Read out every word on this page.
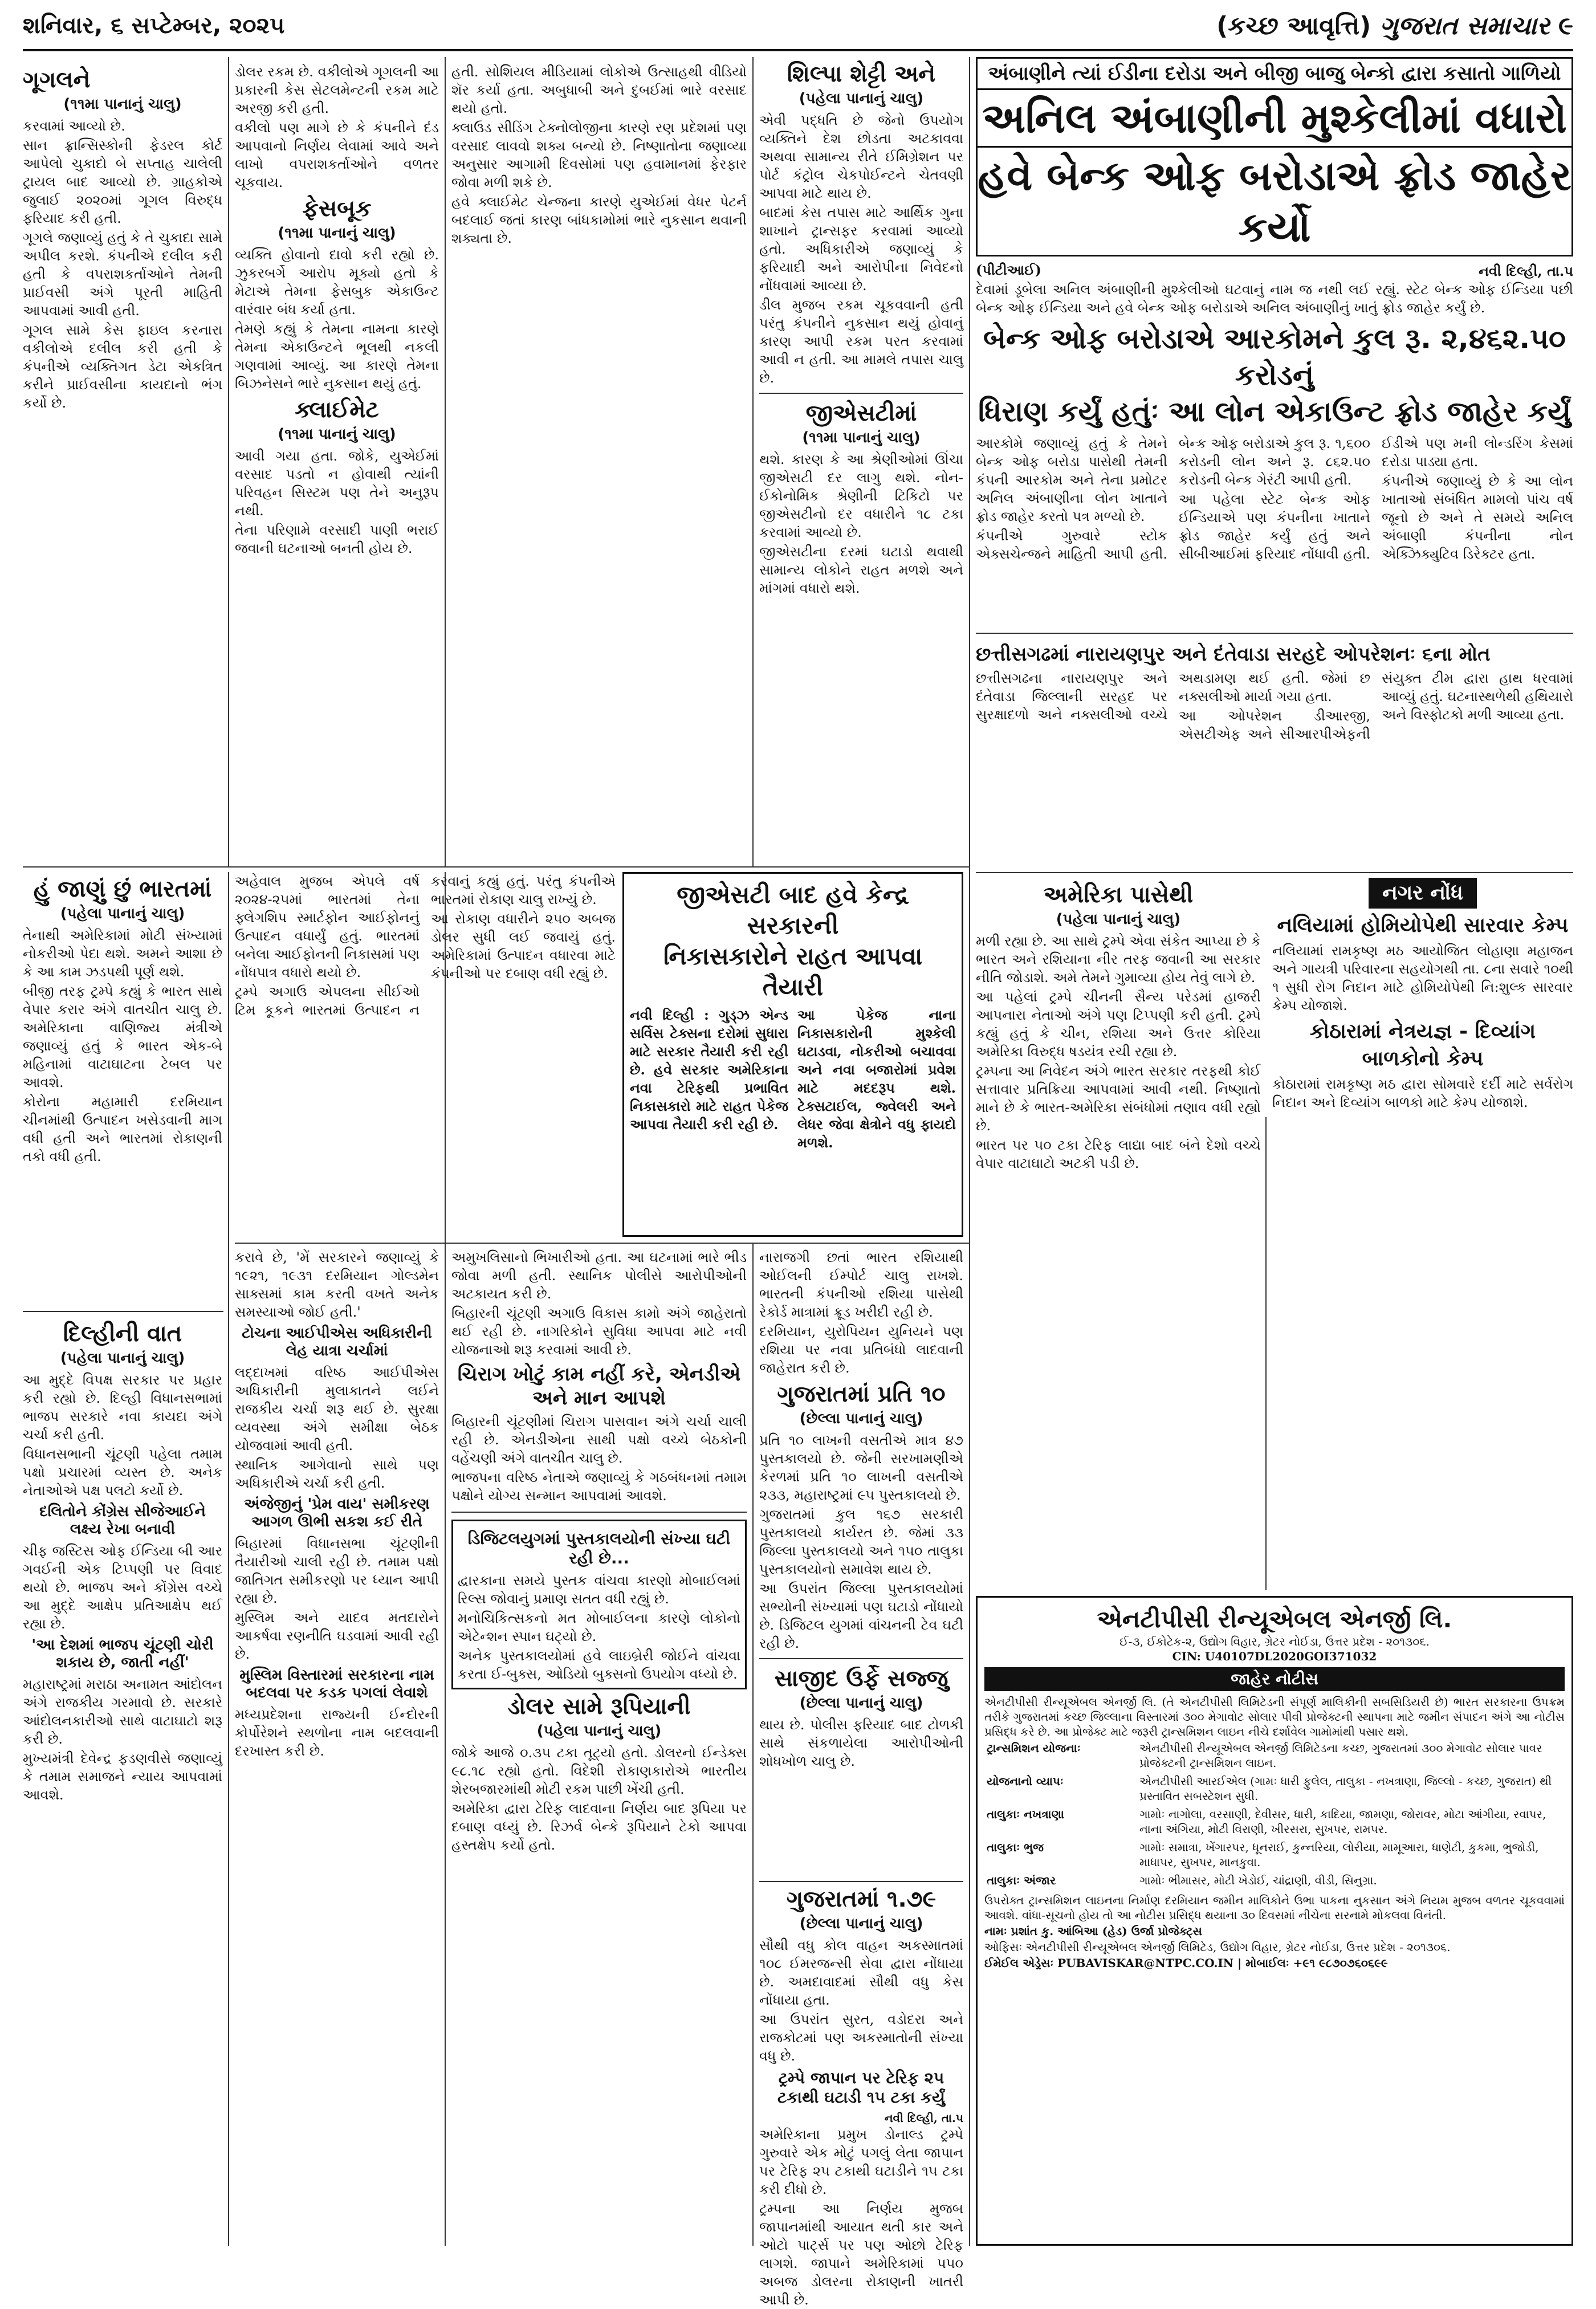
શનિવાર, ૬ સપ્ટેમ્બર, ૨૦૨૫	(કચ્છ આવૃત્તિ) ગુજરાત સમાચાર ૯
ગૂગલને
(૧૧મા પાનાનું ચાલુ)

કરવામાં આવ્યો છે.

સાન ફ્રાન્સિસ્કોની ફેડરલ કોર્ટ આપેલો ચુકાદો બે સપ્તાહ ચાલેલી ટ્રાયલ બાદ આવ્યો છે. ગ્રાહકોએ જુલાઈ ૨૦૨૦માં ગૂગલ વિરુદ્ધ ફરિયાદ કરી હતી.

ગૂગલે જણાવ્યું હતું કે તે ચુકાદા સામે અપીલ કરશે. કંપનીએ દલીલ કરી હતી કે વપરાશકર્તાઓને તેમની પ્રાઈવસી અંગે પૂરતી માહિતી આપવામાં આવી હતી.

ગૂગલ સામે કેસ ફાઇલ કરનારા વકીલોએ દલીલ કરી હતી કે કંપનીએ વ્યક્તિગત ડેટા એકત્રિત કરીને પ્રાઈવસીના કાયદાનો ભંગ કર્યો છે.

ડોલર રકમ છે. વકીલોએ ગૂગલની આ પ્રકારની કેસ સેટલમેન્ટની રકમ માટે અરજી કરી હતી.

વકીલો પણ માગે છે કે કંપનીને દંડ આપવાનો નિર્ણય લેવામાં આવે અને લાખો વપરાશકર્તાઓને વળતર ચૂકવાય.

ફેસબૂક
(૧૧મા પાનાનું ચાલુ)

વ્યક્તિ હોવાનો દાવો કરી રહ્યો છે. ઝુકરબર્ગે આરોપ મૂક્યો હતો કે મેટાએ તેમના ફેસબુક એકાઉન્ટ વારંવાર બંધ કર્યા હતા.

તેમણે કહ્યું કે તેમના નામના કારણે તેમના એકાઉન્ટને ભૂલથી નકલી ગણવામાં આવ્યું. આ કારણે તેમના બિઝનેસને ભારે નુકસાન થયું હતું.

ક્લાઈમેટ
(૧૧મા પાનાનું ચાલુ)

આવી ગયા હતા. જોકે, યુએઈમાં વરસાદ પડતો ન હોવાથી ત્યાંની પરિવહન સિસ્ટમ પણ તેને અનુરૂપ નથી.

તેના પરિણામે વરસાદી પાણી ભરાઈ જવાની ઘટનાઓ બનતી હોય છે.

હતી. સોશિયલ મીડિયામાં લોકોએ ઉત્સાહથી વીડિયો શૅર કર્યા હતા. અબુધાબી અને દુબઈમાં ભારે વરસાદ થયો હતો.

ક્લાઉડ સીડિંગ ટેક્નોલોજીના કારણે રણ પ્રદેશમાં પણ વરસાદ લાવવો શક્ય બન્યો છે. નિષ્ણાતોના જણાવ્યા અનુસાર આગામી દિવસોમાં પણ હવામાનમાં ફેરફાર જોવા મળી શકે છે.

હવે ક્લાઈમેટ ચેન્જના કારણે યુએઈમાં વેધર પેટર્ન બદલાઈ જતાં કારણ બાંધકામોમાં ભારે નુકસાન થવાની શક્યતા છે.

શિલ્પા શેટ્ટી અને
(પહેલા પાનાનું ચાલુ)

એવી પદ્ધતિ છે જેનો ઉપયોગ વ્યક્તિને દેશ છોડતા અટકાવવા અથવા સામાન્ય રીતે ઈમિગ્રેશન પર પોર્ટ કંટ્રોલ ચેકપોઈન્ટને ચેતવણી આપવા માટે થાય છે.

બાદમાં કેસ તપાસ માટે આર્થિક ગુના શાખાને ટ્રાન્સફર કરવામાં આવ્યો હતો. અધિકારીએ જણાવ્યું કે ફરિયાદી અને આરોપીના નિવેદનો નોંધવામાં આવ્યા છે.

ડીલ મુજબ રકમ ચૂકવવાની હતી પરંતુ કંપનીને નુકસાન થયું હોવાનું કારણ આપી રકમ પરત કરવામાં આવી ન હતી. આ મામલે તપાસ ચાલુ છે.

જીએસટીમાં
(૧૧મા પાનાનું ચાલુ)

થશે. કારણ કે આ શ્રેણીઓમાં ઊંચા જીએસટી દર લાગુ થશે. નોન-ઈકોનોમિક શ્રેણીની ટિકિટો પર જીએસટીનો દર વધારીને ૧૮ ટકા કરવામાં આવ્યો છે.

જીએસટીના દરમાં ઘટાડો થવાથી સામાન્ય લોકોને રાહત મળશે અને માંગમાં વધારો થશે.

અંબાણીને ત્યાં ઈડીના દરોડા અને બીજી બાજુ બેન્કો દ્વારા કસાતો ગાળિયો
અનિલ અંબાણીની મુશ્કેલીમાં વધારો
હવે બેન્ક ઓફ બરોડાએ ફ્રોડ જાહેર કર્યો
(પીટીઆઈ)	નવી દિલ્હી, તા.૫

દેવામાં ડૂબેલા અનિલ અંબાણીની મુશ્કેલીઓ ઘટવાનું નામ જ નથી લઈ રહ્યું. સ્ટેટ બેન્ક ઓફ ઈન્ડિયા પછી બેન્ક ઓફ ઈન્ડિયા અને હવે બેન્ક ઓફ બરોડાએ અનિલ અંબાણીનું ખાતું ફ્રોડ જાહેર કર્યું છે.

બેન્ક ઓફ બરોડાએ આરકોમને કુલ રૂ. ૨,૪૬૨.૫૦ કરોડનું
ધિરાણ કર્યું હતુંઃ આ લોન એકાઉન્ટ ફ્રોડ જાહેર કર્યું

આરકોમે જણાવ્યું હતું કે તેમને બેન્ક ઓફ બરોડા પાસેથી તેમની કંપની આરકોમ અને તેના પ્રમોટર અનિલ અંબાણીના લોન ખાતાને ફ્રોડ જાહેર કરતો પત્ર મળ્યો છે.

કંપનીએ ગુરુવારે સ્ટોક એક્સચેન્જને માહિતી આપી હતી. બેન્ક ઓફ બરોડાએ કુલ રૂ. ૧,૬૦૦ કરોડની લોન અને રૂ. ૮૬૨.૫૦ કરોડની બેન્ક ગેરંટી આપી હતી.

આ પહેલા સ્ટેટ બેન્ક ઓફ ઈન્ડિયાએ પણ કંપનીના ખાતાને ફ્રોડ જાહેર કર્યું હતું અને સીબીઆઈમાં ફરિયાદ નોંધાવી હતી. ઈડીએ પણ મની લોન્ડરિંગ કેસમાં દરોડા પાડ્યા હતા.

કંપનીએ જણાવ્યું છે કે આ લોન ખાતાઓ સંબંધિત મામલો પાંચ વર્ષ જૂનો છે અને તે સમયે અનિલ અંબાણી કંપનીના નોન એક્ઝિક્યુટિવ ડિરેક્ટર હતા.

છત્તીસગઢમાં નારાયણપુર અને દંતેવાડા સરહદે ઓપરેશનઃ ૬ના મોત

છત્તીસગઢના નારાયણપુર અને દંતેવાડા જિલ્લાની સરહદ પર સુરક્ષાદળો અને નક્સલીઓ વચ્ચે અથડામણ થઈ હતી. જેમાં છ નક્સલીઓ માર્યા ગયા હતા.

આ ઓપરેશન ડીઆરજી, એસટીએફ અને સીઆરપીએફની સંયુક્ત ટીમ દ્વારા હાથ ધરવામાં આવ્યું હતું. ઘટનાસ્થળેથી હથિયારો અને વિસ્ફોટકો મળી આવ્યા હતા.

અમેરિકા પાસેથી
(પહેલા પાનાનું ચાલુ)

મળી રહ્યા છે. આ સાથે ટ્રમ્પે એવા સંકેત આપ્યા છે કે ભારત અને રશિયાના નીર તરફ જવાની આ સરકાર નીતિ જોડાશે. અમે તેમને ગુમાવ્યા હોય તેવું લાગે છે.

આ પહેલાં ટ્રમ્પે ચીનની સૈન્ય પરેડમાં હાજરી આપનારા નેતાઓ અંગે પણ ટિપ્પણી કરી હતી. ટ્રમ્પે કહ્યું હતું કે ચીન, રશિયા અને ઉત્તર કોરિયા અમેરિકા વિરુદ્ધ ષડયંત્ર રચી રહ્યા છે.

ટ્રમ્પના આ નિવેદન અંગે ભારત સરકાર તરફથી કોઈ સત્તાવાર પ્રતિક્રિયા આપવામાં આવી નથી. નિષ્ણાતો માને છે કે ભારત-અમેરિકા સંબંધોમાં તણાવ વધી રહ્યો છે.

ભારત પર ૫૦ ટકા ટેરિફ લાદ્યા બાદ બંને દેશો વચ્ચે વેપાર વાટાઘાટો અટકી પડી છે.

નગર નોંધ
નલિયામાં હોમિયોપેથી સારવાર કેમ્પ

નલિયામાં રામકૃષ્ણ મઠ આયોજિત લોહાણા મહાજન અને ગાયત્રી પરિવારના સહયોગથી તા. ૮ના સવારે ૧૦થી ૧ સુધી રોગ નિદાન માટે હોમિયોપેથી નિ:શુલ્ક સારવાર કેમ્પ યોજાશે.

કોઠારામાં નેત્રયજ્ઞ - દિવ્યાંગ બાળકોનો કેમ્પ

કોઠારામાં રામકૃષ્ણ મઠ દ્વારા સોમવારે દર્દી માટે સર્વરોગ નિદાન અને દિવ્યાંગ બાળકો માટે કેમ્પ યોજાશે.

જીએસટી બાદ હવે કેન્દ્ર સરકારની
નિકાસકારોને રાહત આપવા તૈયારી

નવી દિલ્હી : ગુડ્ઝ એન્ડ સર્વિસ ટેક્સના દરોમાં સુધારા માટે સરકાર તૈયારી કરી રહી છે. હવે સરકાર અમેરિકાના નવા ટેરિફથી પ્રભાવિત નિકાસકારો માટે રાહત પેકેજ આપવા તૈયારી કરી રહી છે.

આ પેકેજ નાના નિકાસકારોની મુશ્કેલી ઘટાડવા, નોકરીઓ બચાવવા અને નવા બજારોમાં પ્રવેશ માટે મદદરૂપ થશે. ટેક્સટાઈલ, જ્વેલરી અને લેધર જેવા ક્ષેત્રોને વધુ ફાયદો મળશે.

હું જાણું છું ભારતમાં
(પહેલા પાનાનું ચાલુ)

તેનાથી અમેરિકામાં મોટી સંખ્યામાં નોકરીઓ પેદા થશે. અમને આશા છે કે આ કામ ઝડપથી પૂર્ણ થશે.

બીજી તરફ ટ્રમ્પે કહ્યું કે ભારત સાથે વેપાર કરાર અંગે વાતચીત ચાલુ છે. અમેરિકાના વાણિજ્ય મંત્રીએ જણાવ્યું હતું કે ભારત એક-બે મહિનામાં વાટાઘાટના ટેબલ પર આવશે.

કોરોના મહામારી દરમિયાન ચીનમાંથી ઉત્પાદન ખસેડવાની માગ વધી હતી અને ભારતમાં રોકાણની તકો વધી હતી.

અહેવાલ મુજબ એપલે વર્ષ ૨૦૨૪-૨૫માં ભારતમાં તેના ફ્લેગશિપ સ્માર્ટફોન આઈફોનનું ઉત્પાદન વધાર્યું હતું. ભારતમાં બનેલા આઈફોનની નિકાસમાં પણ નોંધપાત્ર વધારો થયો છે.

ટ્રમ્પે અગાઉ એપલના સીઈઓ ટિમ કૂકને ભારતમાં ઉત્પાદન ન કરવાનું કહ્યું હતું. પરંતુ કંપનીએ ભારતમાં રોકાણ ચાલુ રાખ્યું છે.

આ રોકાણ વધારીને ૨૫૦ અબજ ડોલર સુધી લઈ જવાયું હતું. અમેરિકામાં ઉત્પાદન વધારવા માટે કંપનીઓ પર દબાણ વધી રહ્યું છે.

દિલ્હીની વાત
(પહેલા પાનાનું ચાલુ)

આ મુદ્દે વિપક્ષ સરકાર પર પ્રહાર કરી રહ્યો છે. દિલ્હી વિધાનસભામાં ભાજપ સરકારે નવા કાયદા અંગે ચર્ચા કરી હતી.

વિધાનસભાની ચૂંટણી પહેલા તમામ પક્ષો પ્રચારમાં વ્યસ્ત છે. અનેક નેતાઓએ પક્ષ પલટો કર્યો છે.

દલિતોને કોંગ્રેસ સીજેઆઈને લક્ષ્ય રેખા બનાવી

ચીફ જસ્ટિસ ઓફ ઈન્ડિયા બી આર ગવઈની એક ટિપ્પણી પર વિવાદ થયો છે. ભાજપ અને કોંગ્રેસ વચ્ચે આ મુદ્દે આક્ષેપ પ્રતિઆક્ષેપ થઈ રહ્યા છે.

'આ દેશમાં ભાજપ ચૂંટણી ચોરી શકાય છે, જાતી નહીં'

મહારાષ્ટ્રમાં મરાઠા અનામત આંદોલન અંગે રાજકીય ગરમાવો છે. સરકારે આંદોલનકારીઓ સાથે વાટાઘાટો શરૂ કરી છે.

મુખ્યમંત્રી દેવેન્દ્ર ફડણવીસે જણાવ્યું કે તમામ સમાજને ન્યાય આપવામાં આવશે.

કરાવે છે, 'મેં સરકારને જણાવ્યું કે ૧૯૨૧, ૧૯૩૧ દરમિયાન ગોલ્ડમેન સાક્સમાં કામ કરતી વખતે અનેક સમસ્યાઓ જોઈ હતી.'

ટોચના આઈપીએસ અધિકારીની લેહ યાત્રા ચર્ચામાં

લદ્દાખમાં વરિષ્ઠ આઈપીએસ અધિકારીની મુલાકાતને લઈને રાજકીય ચર્ચા શરૂ થઈ છે. સુરક્ષા વ્યવસ્થા અંગે સમીક્ષા બેઠક યોજવામાં આવી હતી.

સ્થાનિક આગેવાનો સાથે પણ અધિકારીએ ચર્ચા કરી હતી.

અંજેજીનું 'પ્રેમ વાય' સમીકરણ આગળ ઊભી સકશ કઈ રીતે

બિહારમાં વિધાનસભા ચૂંટણીની તૈયારીઓ ચાલી રહી છે. તમામ પક્ષો જાતિગત સમીકરણો પર ધ્યાન આપી રહ્યા છે.

મુસ્લિમ અને યાદવ મતદારોને આકર્ષવા રણનીતિ ઘડવામાં આવી રહી છે.

મુસ્લિમ વિસ્તારમાં સરકારના નામ બદલવા પર કડક પગલાં લેવાશે

મધ્યપ્રદેશના રાજ્યની ઈન્દોરની કોર્પોરેશને સ્થળોના નામ બદલવાની દરખાસ્ત કરી છે.

અમુખલિસાનો ભિખારીઓ હતા. આ ઘટનામાં ભારે ભીડ જોવા મળી હતી. સ્થાનિક પોલીસે આરોપીઓની અટકાયત કરી છે.

બિહારની ચૂંટણી અગાઉ વિકાસ કામો અંગે જાહેરાતો થઈ રહી છે. નાગરિકોને સુવિધા આપવા માટે નવી યોજનાઓ શરૂ કરવામાં આવી છે.

ચિરાગ ખોટું કામ નહીં કરે, એનડીએ અને માન આપશે

બિહારની ચૂંટણીમાં ચિરાગ પાસવાન અંગે ચર્ચા ચાલી રહી છે. એનડીએના સાથી પક્ષો વચ્ચે બેઠકોની વહેંચણી અંગે વાતચીત ચાલુ છે.

ભાજપના વરિષ્ઠ નેતાએ જણાવ્યું કે ગઠબંધનમાં તમામ પક્ષોને યોગ્ય સન્માન આપવામાં આવશે.

ડિજિટલયુગમાં પુસ્તકાલયોની સંખ્યા ઘટી રહી છે...

દ્વારકાના સમયે પુસ્તક વાંચવા કારણો મોબાઈલમાં રિલ્સ જોવાનું પ્રમાણ સતત વધી રહ્યું છે.

મનોચિકિત્સકનો મત મોબાઈલના કારણે લોકોનો એટેન્શન સ્પાન ઘટ્યો છે.

અનેક પુસ્તકાલયોમાં હવે લાઇબ્રેરી જોઈને વાંચવા કરતા ઈ-બુક્સ, ઓડિયો બુક્સનો ઉપયોગ વધ્યો છે.

ડોલર સામે રૂપિયાની
(પહેલા પાનાનું ચાલુ)

જોકે આજે ૦.૩૫ ટકા તૂટ્યો હતો. ડોલરનો ઈન્ડેક્સ ૯૮.૧૮ રહ્યો હતો. વિદેશી રોકાણકારોએ ભારતીય શેરબજારમાંથી મોટી રકમ પાછી ખેંચી હતી.

અમેરિકા દ્વારા ટેરિફ લાદવાના નિર્ણય બાદ રૂપિયા પર દબાણ વધ્યું છે. રિઝર્વ બેન્કે રૂપિયાને ટેકો આપવા હસ્તક્ષેપ કર્યો હતો.

નારાજગી છતાં ભારત રશિયાથી ઓઈલની ઈમ્પોર્ટ ચાલુ રાખશે. ભારતની કંપનીઓ રશિયા પાસેથી રેકોર્ડ માત્રામાં ક્રૂડ ખરીદી રહી છે.

દરમિયાન, યુરોપિયન યુનિયને પણ રશિયા પર નવા પ્રતિબંધો લાદવાની જાહેરાત કરી છે.

ગુજરાતમાં પ્રતિ ૧૦
(છેલ્લા પાનાનું ચાલુ)

પ્રતિ ૧૦ લાખની વસતીએ માત્ર ૪૭ પુસ્તકાલયો છે. જેની સરખામણીએ કેરળમાં પ્રતિ ૧૦ લાખની વસતીએ ૨૩૩, મહારાષ્ટ્રમાં ૯૫ પુસ્તકાલયો છે.

ગુજરાતમાં કુલ ૧૬૭ સરકારી પુસ્તકાલયો કાર્યરત છે. જેમાં ૩૩ જિલ્લા પુસ્તકાલયો અને ૧૫૦ તાલુકા પુસ્તકાલયોનો સમાવેશ થાય છે.

આ ઉપરાંત જિલ્લા પુસ્તકાલયોમાં સભ્યોની સંખ્યામાં પણ ઘટાડો નોંધાયો છે. ડિજિટલ યુગમાં વાંચનની ટેવ ઘટી રહી છે.

સાજીદ ઉર્ફે સજ્જુ
(છેલ્લા પાનાનું ચાલુ)

થાય છે. પોલીસ ફરિયાદ બાદ ટોળકી સાથે સંકળાયેલા આરોપીઓની શોધખોળ ચાલુ છે.

એનટીપીસી રીન્યૂએબલ એનર્જી લિ.
ઈ-૩, ઈકોટેક-૨, ઉદ્યોગ વિહાર, ગ્રેટર નોઈડા, ઉત્તર પ્રદેશ - ૨૦૧૩૦૬.
CIN: U40107DL2020GOI371032
જાહેર નોટીસ

એનટીપીસી રીન્યૂએબલ એનર્જી લિ. (તે એનટીપીસી લિમિટેડની સંપૂર્ણ માલિકીની સબસિડિયરી છે) ભારત સરકારના ઉપક્રમ તરીકે ગુજરાતમાં કચ્છ જિલ્લાના વિસ્તારમાં ૩૦૦ મેગાવોટ સોલાર પીવી પ્રોજેક્ટની સ્થાપના માટે જમીન સંપાદન અંગે આ નોટીસ પ્રસિદ્ધ કરે છે. આ પ્રોજેક્ટ માટે જરૂરી ટ્રાન્સમિશન લાઇન નીચે દર્શાવેલ ગામોમાંથી પસાર થશે.

ટ્રાન્સમિશન યોજનાઃ	એનટીપીસી રીન્યૂએબલ એનર્જી લિમિટેડના કચ્છ, ગુજરાતમાં ૩૦૦ મેગાવોટ સોલાર પાવર પ્રોજેક્ટની ટ્રાન્સમિશન લાઇન.
યોજનાનો વ્યાપઃ	એનટીપીસી આરઈએલ (ગામઃ ધારી ફુલેલ, તાલુકા - નખત્રાણા, જિલ્લો - કચ્છ, ગુજરાત) થી પ્રસ્તાવિત સબસ્ટેશન સુધી.
તાલુકાઃ નખત્રાણા	ગામોઃ નાગોલા, વરસાણી, દેવીસર, ધારી, કાદિયા, જામણા, જોરાવર, મોટા આંગીયા, રવાપર, નાના અંગિયા, મોટી વિરાણી, ખીરસરા, સુખપર, રામપર.
તાલુકાઃ ભુજ	ગામોઃ સમાત્રા, ખેંગારપર, ધૂનરાઈ, કુન્નરિયા, લોરીયા, મામૂઆરા, ધાણેટી, કુકમા, ભુજોડી, માધાપર, સુખપર, માનકુવા.
તાલુકાઃ અંજાર	ગામોઃ ભીમાસર, મોટી ખેડોઈ, ચાંદ્રાણી, વીડી, સિનુગ્રા.

ઉપરોક્ત ટ્રાન્સમિશન લાઇનના નિર્માણ દરમિયાન જમીન માલિકોને ઉભા પાકના નુકસાન અંગે નિયમ મુજબ વળતર ચૂકવવામાં આવશે. વાંધા-સૂચનો હોય તો આ નોટીસ પ્રસિદ્ધ થયાના ૩૦ દિવસમાં નીચેના સરનામે મોકલવા વિનંતી.

નામઃ પ્રશાંત કુ. આંબિઆ (હેડ) ઉર્જા પ્રોજેક્ટ્સ

ઓફિસઃ એનટીપીસી રીન્યૂએબલ એનર્જી લિમિટેડ, ઉદ્યોગ વિહાર, ગ્રેટર નોઈડા, ઉત્તર પ્રદેશ - ૨૦૧૩૦૬.

ઈમેઈલ એડ્રેસઃ PUBAVISKAR@NTPC.CO.IN | મોબાઈલઃ +૯૧ ૯૮૭૦૭૬૦૬૯૯

ગુજરાતમાં ૧.૭૯
(છેલ્લા પાનાનું ચાલુ)

સૌથી વધુ કોલ વાહન અકસ્માતમાં ૧૦૮ ઈમરજન્સી સેવા દ્વારા નોંધાયા છે. અમદાવાદમાં સૌથી વધુ કેસ નોંધાયા હતા.

આ ઉપરાંત સુરત, વડોદરા અને રાજકોટમાં પણ અકસ્માતોની સંખ્યા વધુ છે.

ટ્રમ્પે જાપાન પર ટેરિફ ૨૫ ટકાથી ઘટાડી ૧૫ ટકા કર્યું
નવી દિલ્હી, તા.૫

અમેરિકાના પ્રમુખ ડોનાલ્ડ ટ્રમ્પે ગુરુવારે એક મોટું પગલું લેતા જાપાન પર ટેરિફ ૨૫ ટકાથી ઘટાડીને ૧૫ ટકા કરી દીધો છે.

ટ્રમ્પના આ નિર્ણય મુજબ જાપાનમાંથી આયાત થતી કાર અને ઓટો પાર્ટ્સ પર પણ ઓછો ટેરિફ લાગશે. જાપાને અમેરિકામાં ૫૫૦ અબજ ડોલરના રોકાણની ખાતરી આપી છે.
